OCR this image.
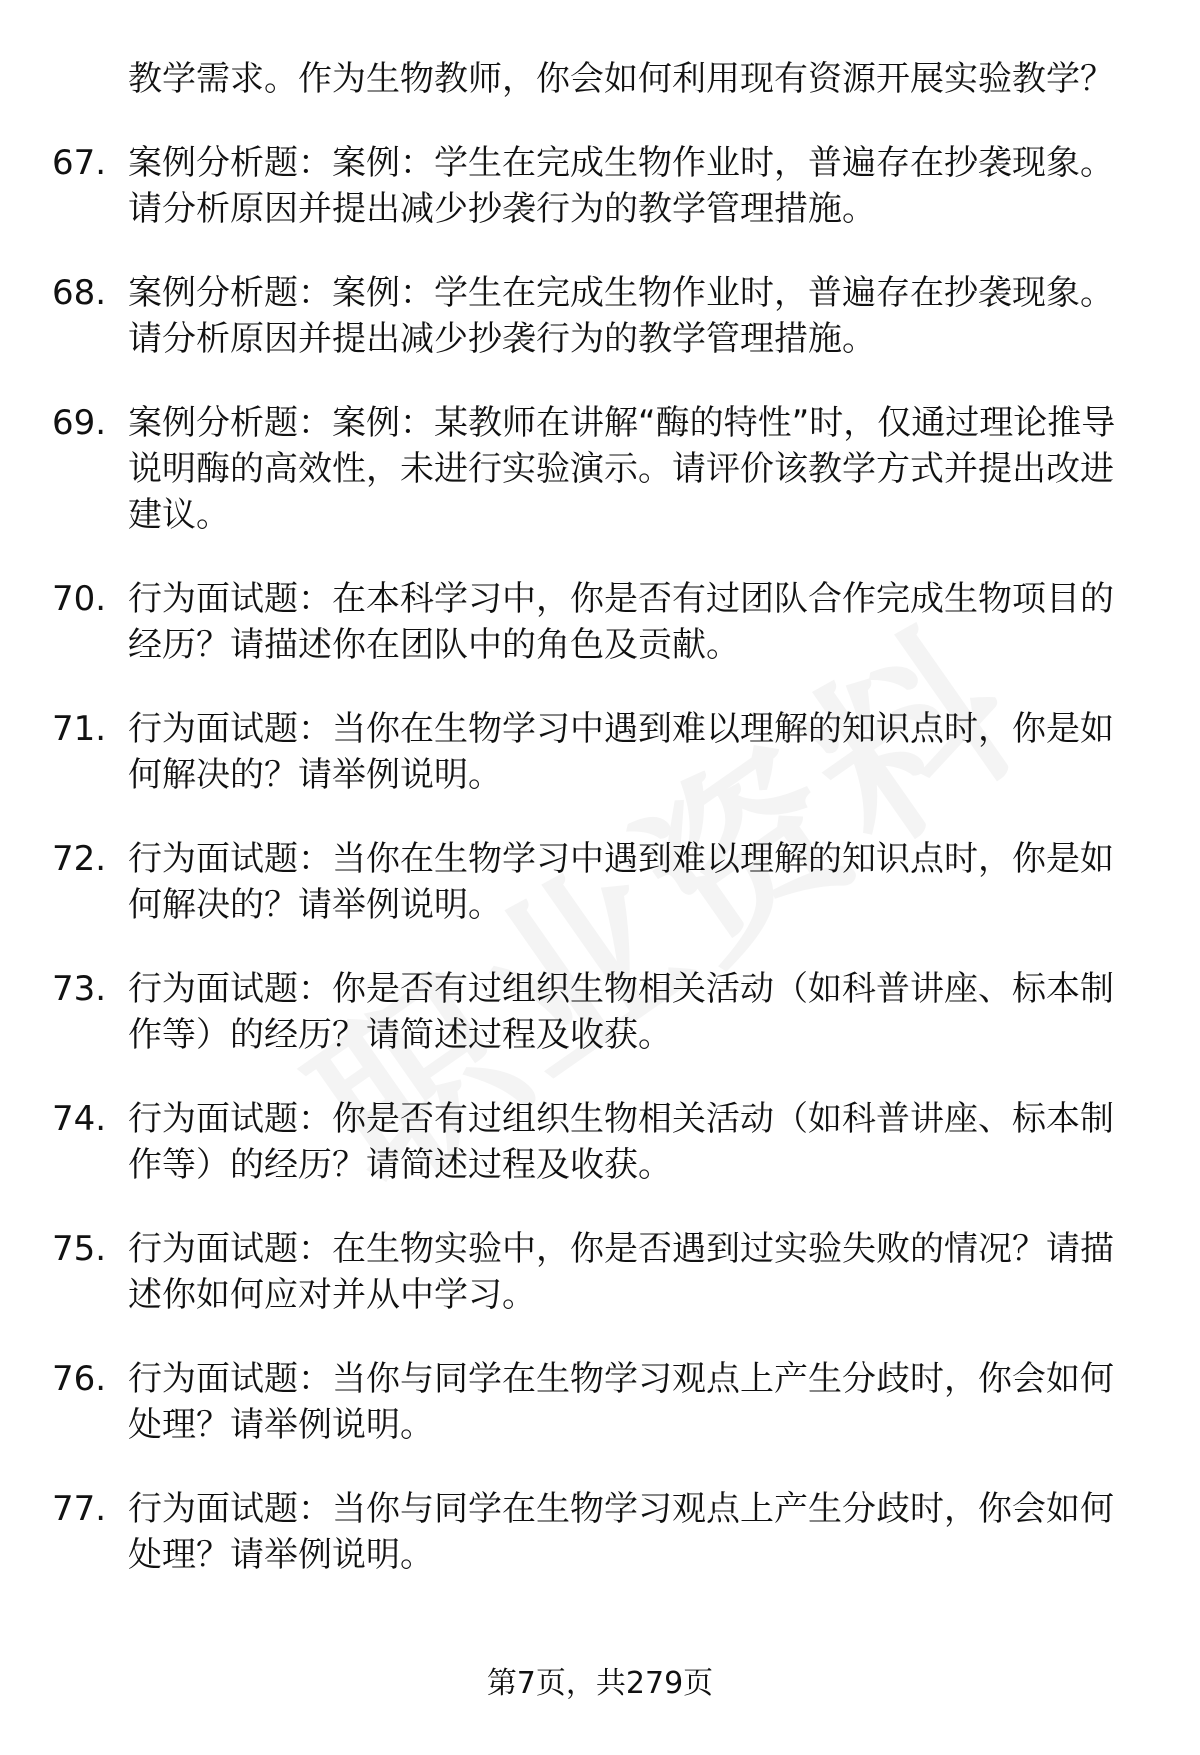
教学需求。作为生物教师，你会如何利用现有资源开展实验教学？
67. 案例分析题：案例：学生在完成生物作业时，普遍存在抄袭现象。请分析原因并提出减少抄袭行为的教学管理措施。
68. 案例分析题：案例：学生在完成生物作业时，普遍存在抄袭现象。请分析原因并提出减少抄袭行为的教学管理措施。
69. 案例分析题：案例：某教师在讲解“酶的特性”时，仅通过理论推导说明酶的高效性，未进行实验演示。请评价该教学方式并提出改进建议。
70. 行为面试题：在本科学习中，你是否有过团队合作完成生物项目的经历？请描述你在团队中的角色及贡献。
71. 行为面试题：当你在生物学习中遇到难以理解的知识点时，你是如何解决的？请举例说明。
72. 行为面试题：当你在生物学习中遇到难以理解的知识点时，你是如何解决的？请举例说明。
73. 行为面试题：你是否有过组织生物相关活动（如科普讲座、标本制作等）的经历？请简述过程及收获。
74. 行为面试题：你是否有过组织生物相关活动（如科普讲座、标本制作等）的经历？请简述过程及收获。
75. 行为面试题：在生物实验中，你是否遇到过实验失败的情况？请描述你如何应对并从中学习。
76. 行为面试题：当你与同学在生物学习观点上产生分歧时，你会如何处理？请举例说明。
77. 行为面试题：当你与同学在生物学习观点上产生分歧时，你会如何处理？请举例说明。
第7页，共279页
